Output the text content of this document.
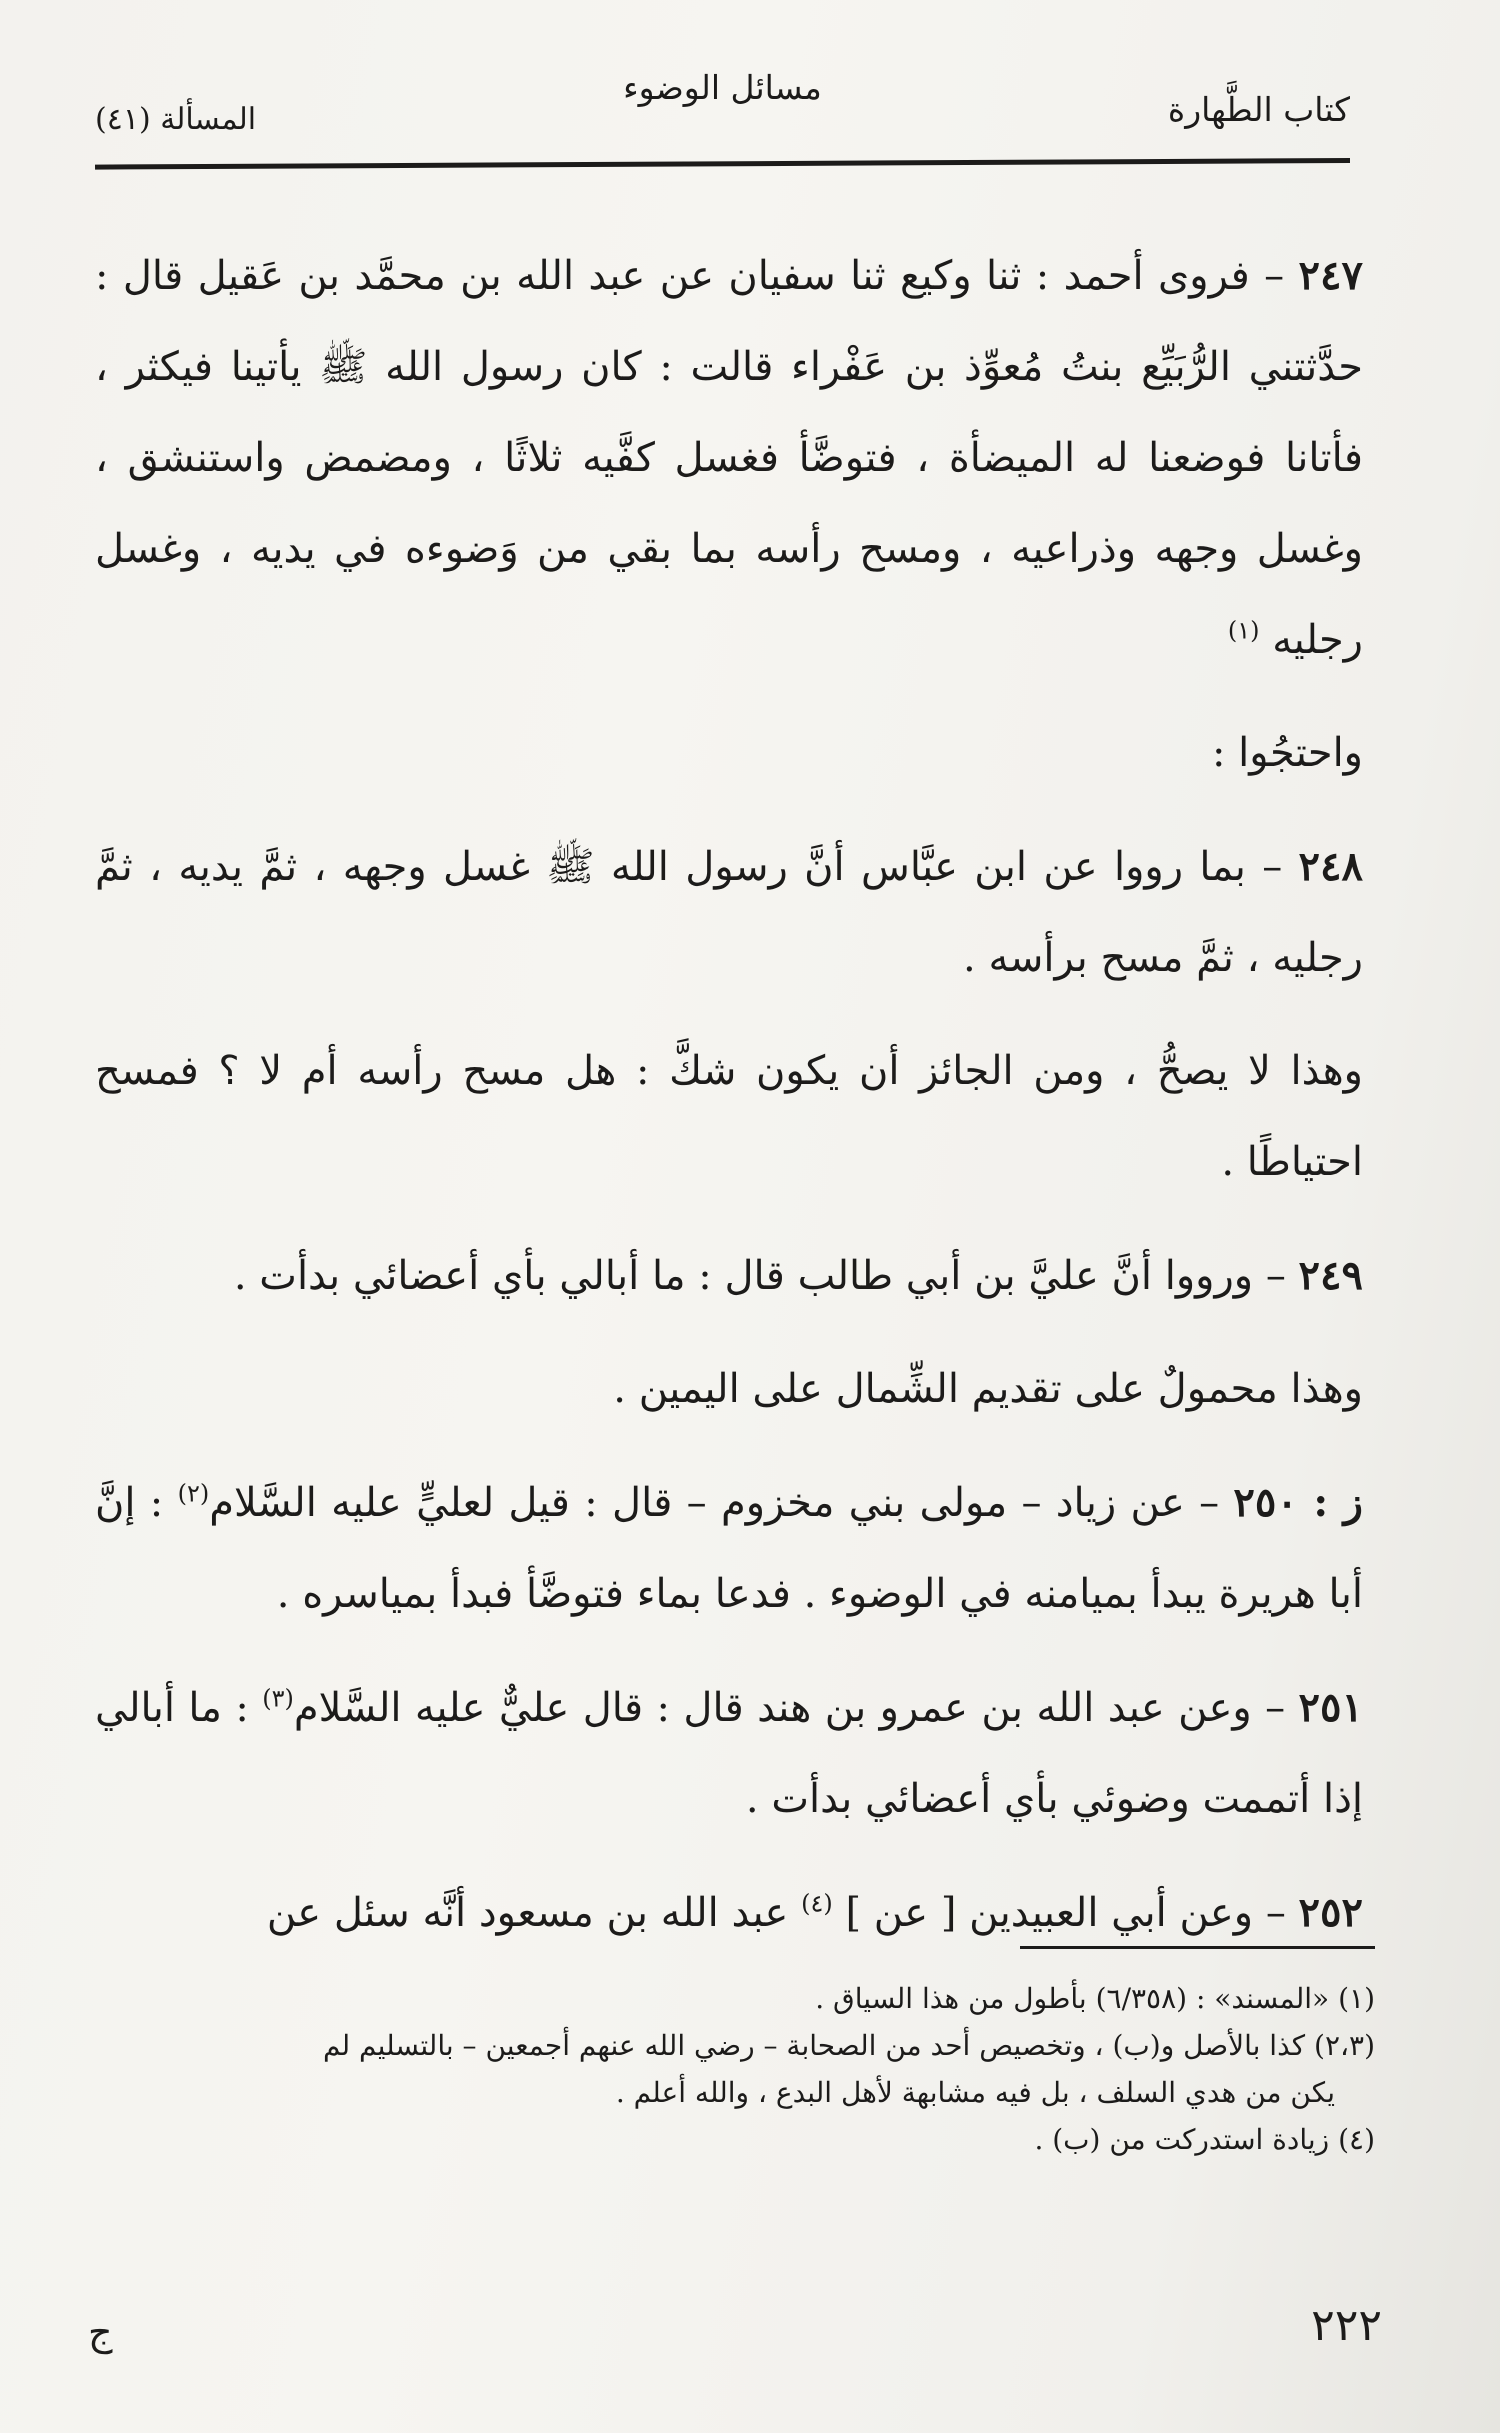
كتاب الطَّهارة
مسائل الوضوء
المسألة (٤١)

٢٤٧ – فروى أحمد : ثنا وكيع ثنا سفيان عن عبد الله بن محمَّد بن عَقيل قال : حدَّثتني الرُّبَيِّع بنتُ مُعوِّذ بن عَفْراء قالت : كان رسول الله ﷺ يأتينا فيكثر ، فأتانا فوضعنا له الميضأة ، فتوضَّأ فغسل كفَّيه ثلاثًا ، ومضمض واستنشق ، وغسل وجهه وذراعيه ، ومسح رأسه بما بقي من وَضوءه في يديه ، وغسل رجليه $^{(١)}$

واحتجُوا :

٢٤٨ – بما رووا عن ابن عبَّاس أنَّ رسول الله ﷺ غسل وجهه ، ثمَّ يديه ، ثمَّ رجليه ، ثمَّ مسح برأسه .

وهذا لا يصحُّ ، ومن الجائز أن يكون شكَّ : هل مسح رأسه أم لا ؟ فمسح احتياطًا .

٢٤٩ – ورووا أنَّ عليَّ بن أبي طالب قال : ما أبالي بأي أعضائي بدأت .

وهذا محمولٌ على تقديم الشِّمال على اليمين .

ز : ٢٥٠ – عن زياد – مولى بني مخزوم – قال : قيل لعليٍّ عليه السَّلام$^{(٢)}$ : إنَّ أبا هريرة يبدأ بميامنه في الوضوء . فدعا بماء فتوضَّأ فبدأ بمياسره .

٢٥١ – وعن عبد الله بن عمرو بن هند قال : قال عليٌّ عليه السَّلام$^{(٣)}$ : ما أبالي إذا أتممت وضوئي بأي أعضائي بدأت .

٢٥٢ – وعن أبي العبيدين [ عن ] $^{(٤)}$ عبد الله بن مسعود أنَّه سئل عن

(١) «المسند» : (٦/٣٥٨) بأطول من هذا السياق .

(٢،٣) كذا بالأصل و(ب) ، وتخصيص أحد من الصحابة – رضي الله عنهم أجمعين – بالتسليم لم

يكن من هدي السلف ، بل فيه مشابهة لأهل البدع ، والله أعلم .

(٤) زيادة استدركت من (ب) .

٢٢٢
ج
